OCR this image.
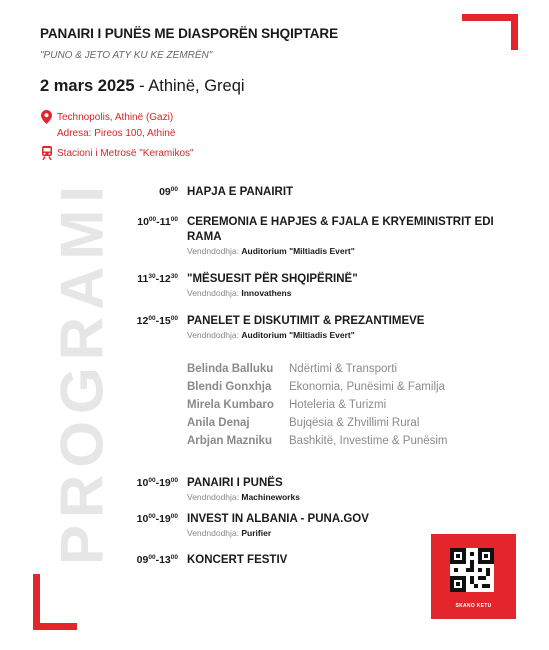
PROGRAMI
PANAIRI I PUNËS ME DIASPORËN SHQIPTARE
"PUNO & JETO ATY KU KE ZEMRËN"
2 mars 2025 - Athinë, Greqi
Technopolis, Athinë (Gazi)
Adresa: Pireos 100, Athinë
Stacioni i Metrosë "Keramikos"
$09^{00}$ HAPJA E PANAIRIT
$10^{00}-11^{00}$ CEREMONIA E HAPJES & FJALA E KRYEMINISTRIT EDI RAMA
Vendndodhja: Auditorium "Miltiadis Evert"
$11^{30}-12^{30}$ "MËSUESIT PËR SHQIPËRINË"
Vendndodhja: Innovathens
$12^{00}-15^{00}$ PANELET E DISKUTIMIT & PREZANTIMEVE
Vendndodhja: Auditorium "Miltiadis Evert"
Belinda Balluku Ndërtimi & Transporti
Blendi Gonxhja Ekonomia, Punësimi & Familja
Mirela Kumbaro Hoteleria & Turizmi
Anila Denaj	Bujqësia & Zhvillimi Rural
Arbjan Mazniku Bashkitë, Investime & Punësim
$10^{00}-19^{00}$ PANAIRI I PUNËS
Vendndodhja: Machineworks
$10^{00}-19^{00}$ INVEST IN ALBANIA - PUNA.GOV
Vendndodhja: Purifier
$09^{00}-13^{00}$ KONCERT FESTIV
SKANO KETU
